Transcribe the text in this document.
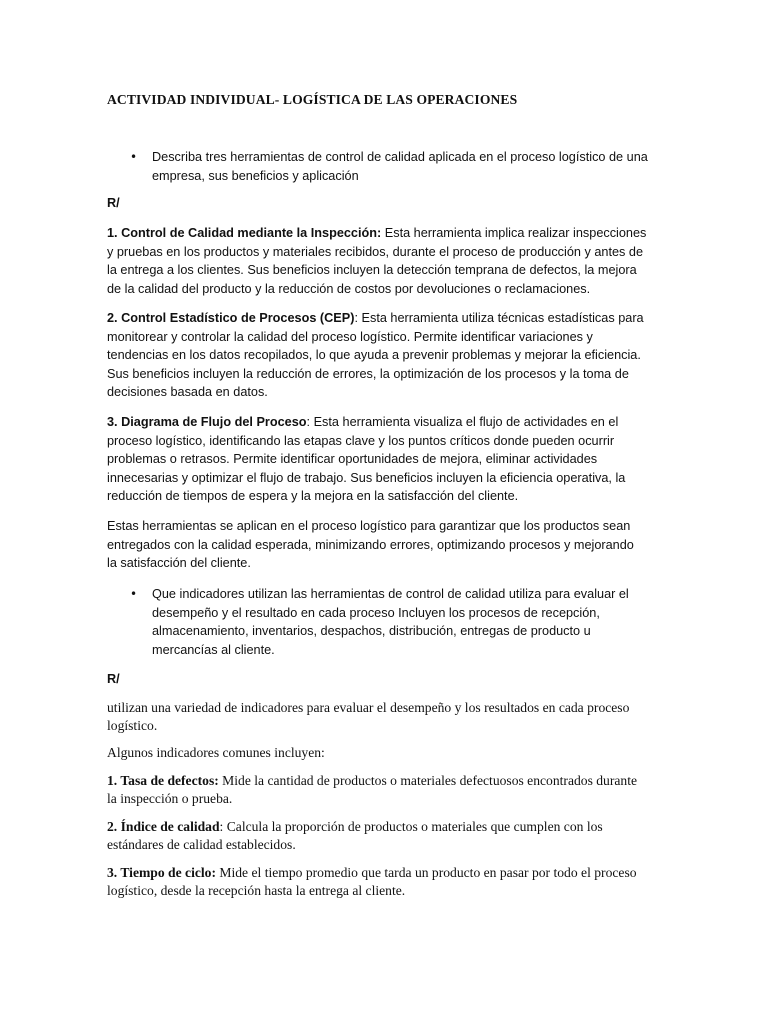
ACTIVIDAD INDIVIDUAL- LOGÍSTICA DE LAS OPERACIONES

• Describa tres herramientas de control de calidad aplicada en el proceso logístico de una empresa, sus beneficios y aplicación

R/

1. Control de Calidad mediante la Inspección: Esta herramienta implica realizar inspecciones y pruebas en los productos y materiales recibidos, durante el proceso de producción y antes de la entrega a los clientes. Sus beneficios incluyen la detección temprana de defectos, la mejora de la calidad del producto y la reducción de costos por devoluciones o reclamaciones.

2. Control Estadístico de Procesos (CEP): Esta herramienta utiliza técnicas estadísticas para monitorear y controlar la calidad del proceso logístico. Permite identificar variaciones y tendencias en los datos recopilados, lo que ayuda a prevenir problemas y mejorar la eficiencia. Sus beneficios incluyen la reducción de errores, la optimización de los procesos y la toma de decisiones basada en datos.

3. Diagrama de Flujo del Proceso: Esta herramienta visualiza el flujo de actividades en el proceso logístico, identificando las etapas clave y los puntos críticos donde pueden ocurrir problemas o retrasos. Permite identificar oportunidades de mejora, eliminar actividades innecesarias y optimizar el flujo de trabajo. Sus beneficios incluyen la eficiencia operativa, la reducción de tiempos de espera y la mejora en la satisfacción del cliente.

Estas herramientas se aplican en el proceso logístico para garantizar que los productos sean entregados con la calidad esperada, minimizando errores, optimizando procesos y mejorando la satisfacción del cliente.

• Que indicadores utilizan las herramientas de control de calidad utiliza para evaluar el desempeño y el resultado en cada proceso Incluyen los procesos de recepción, almacenamiento, inventarios, despachos, distribución, entregas de producto u mercancías al cliente.

R/

utilizan una variedad de indicadores para evaluar el desempeño y los resultados en cada proceso logístico.

Algunos indicadores comunes incluyen:

1. Tasa de defectos: Mide la cantidad de productos o materiales defectuosos encontrados durante la inspección o prueba.

2. Índice de calidad: Calcula la proporción de productos o materiales que cumplen con los estándares de calidad establecidos.

3. Tiempo de ciclo: Mide el tiempo promedio que tarda un producto en pasar por todo el proceso logístico, desde la recepción hasta la entrega al cliente.
